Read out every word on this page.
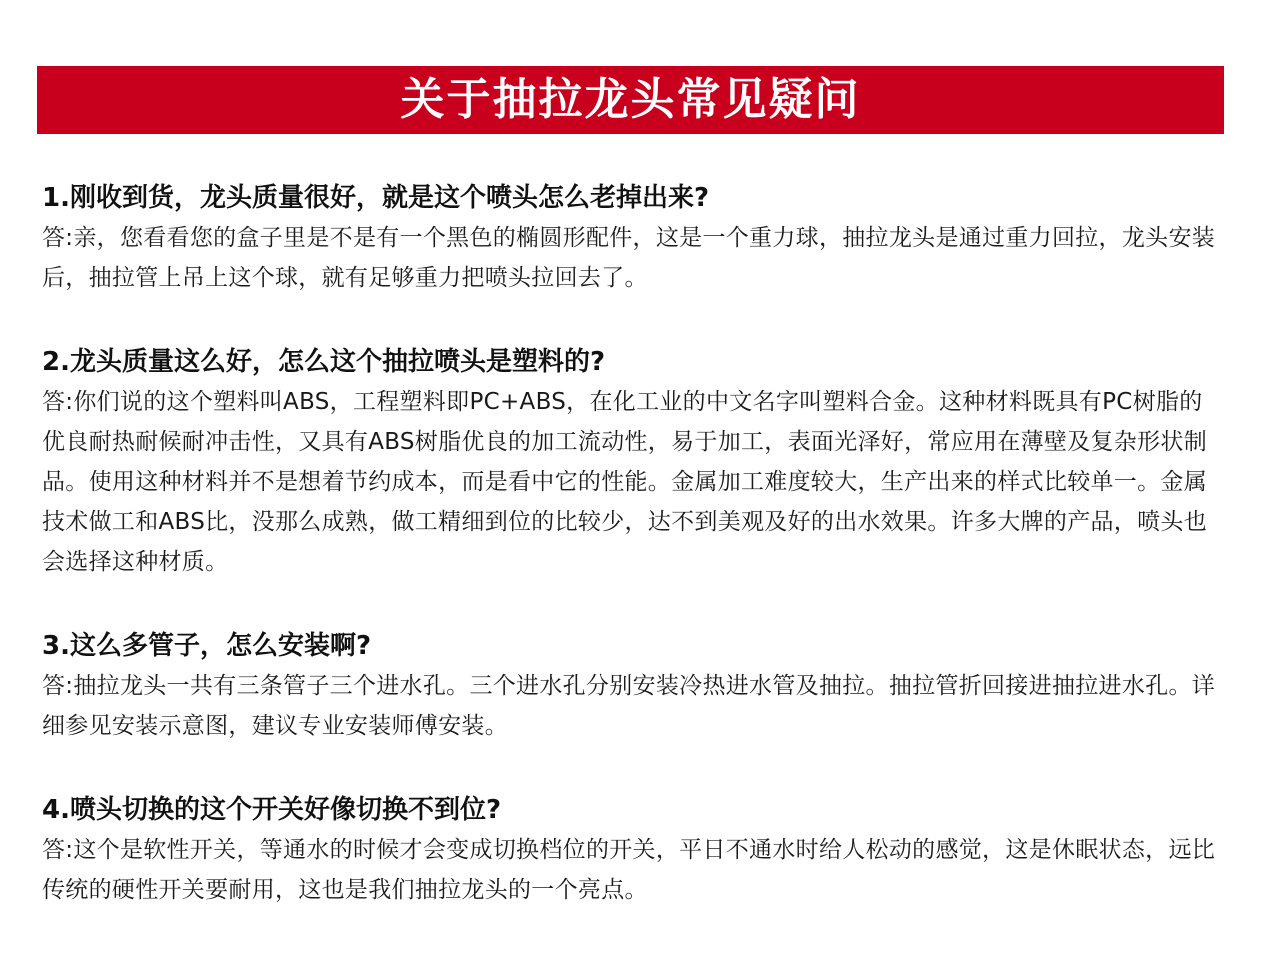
关于抽拉龙头常见疑问

1.刚收到货，龙头质量很好，就是这个喷头怎么老掉出来?

答:亲，您看看您的盒子里是不是有一个黑色的椭圆形配件，这是一个重力球，抽拉龙头是通过重力回拉，龙头安装后，抽拉管上吊上这个球，就有足够重力把喷头拉回去了。

2.龙头质量这么好，怎么这个抽拉喷头是塑料的?

答:你们说的这个塑料叫ABS，工程塑料即PC+ABS，在化工业的中文名字叫塑料合金。这种材料既具有PC树脂的优良耐热耐候耐冲击性，又具有ABS树脂优良的加工流动性，易于加工，表面光泽好，常应用在薄壁及复杂形状制品。使用这种材料并不是想着节约成本，而是看中它的性能。金属加工难度较大，生产出来的样式比较单一。金属技术做工和ABS比，没那么成熟，做工精细到位的比较少，达不到美观及好的出水效果。许多大牌的产品，喷头也会选择这种材质。

3.这么多管子，怎么安装啊?

答:抽拉龙头一共有三条管子三个进水孔。三个进水孔分别安装冷热进水管及抽拉。抽拉管折回接进抽拉进水孔。详细参见安装示意图，建议专业安装师傅安装。

4.喷头切换的这个开关好像切换不到位?

答:这个是软性开关，等通水的时候才会变成切换档位的开关，平日不通水时给人松动的感觉，这是休眠状态，远比传统的硬性开关要耐用，这也是我们抽拉龙头的一个亮点。
